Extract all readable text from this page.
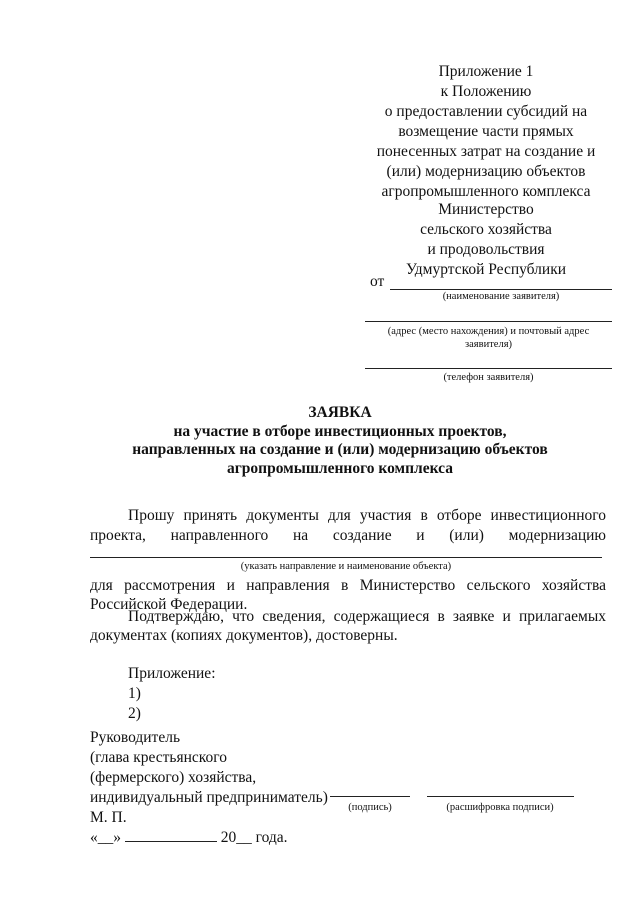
Приложение 1
к Положению
о предоставлении субсидий на
возмещение части прямых
понесенных затрат на создание и
(или) модернизацию объектов
агропромышленного комплекса
Министерство
сельского хозяйства
и продовольствия
Удмуртской Республики
от
(наименование заявителя)
(адрес (место нахождения) и почтовый адрес
заявителя)
(телефон заявителя)
ЗАЯВКА
на участие в отборе инвестиционных проектов,
направленных на создание и (или) модернизацию объектов
агропромышленного комплекса
Прошу принять документы для участия в отборе инвестиционного
проекта, направленного на создание и (или) модернизацию
(указать направление и наименование объекта)
для рассмотрения и направления в Министерство сельского хозяйства
Российской Федерации.
Подтверждаю, что сведения, содержащиеся в заявке и прилагаемых
документах (копиях документов), достоверны.
Приложение:
1)
2)
Руководитель
(глава крестьянского
(фермерского) хозяйства,
индивидуальный предприниматель)
М. П.
(подпись)	(расшифровка подписи)
«__»	20__ года.
